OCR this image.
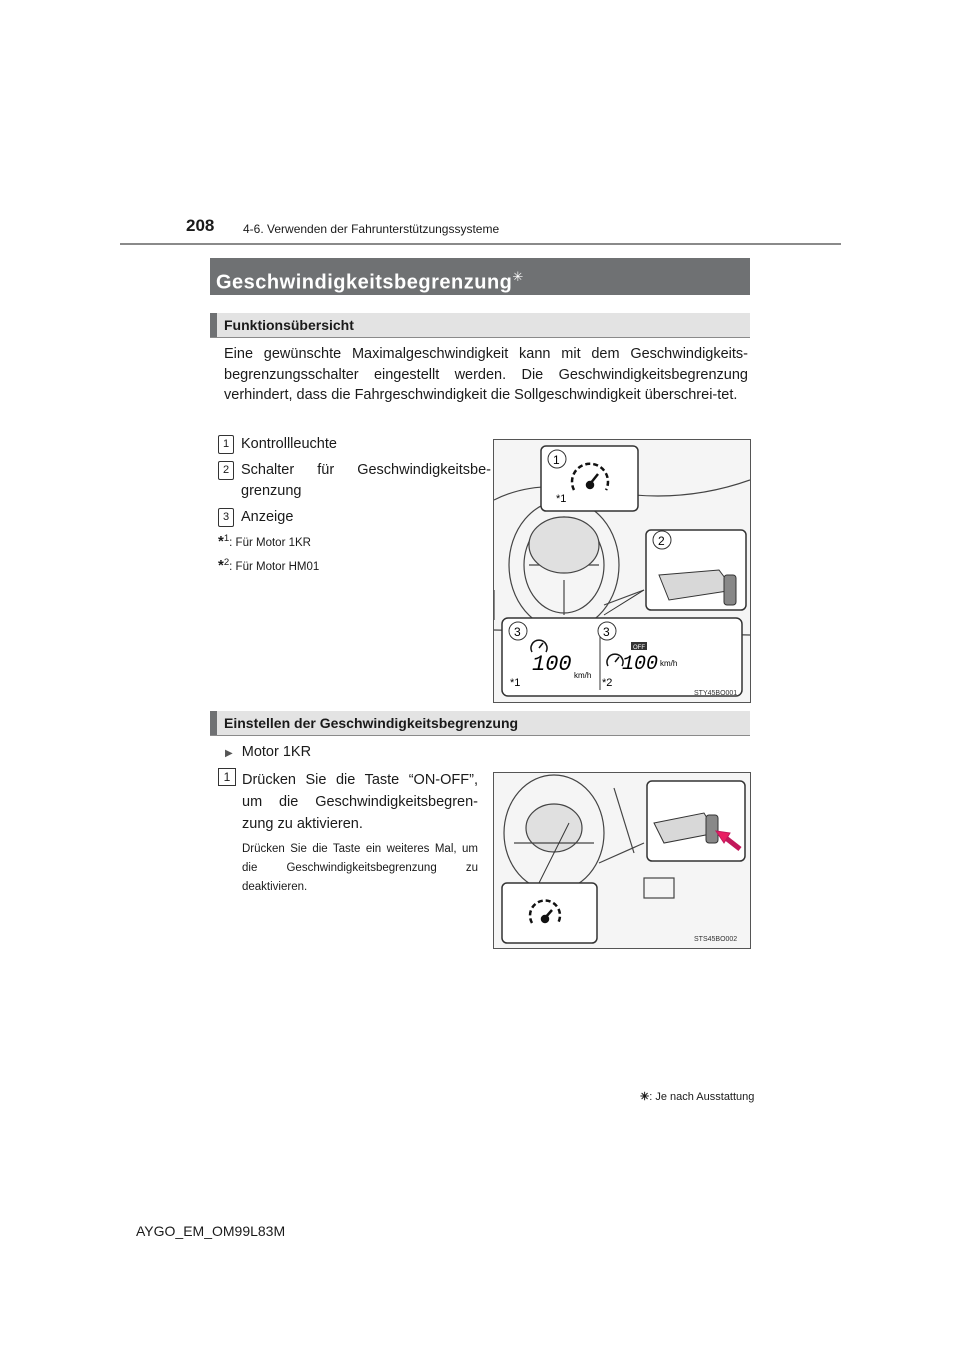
208 4-6. Verwenden der Fahrunterstützungssysteme
Geschwindigkeitsbegrenzung✳
Funktionsübersicht
Eine gewünschte Maximalgeschwindigkeit kann mit dem Geschwindigkeits-begrenzungsschalter eingestellt werden. Die Geschwindigkeitsbegrenzung verhindert, dass die Fahrgeschwindigkeit die Sollgeschwindigkeit überschrei-tet.
1 Kontrollleuchte
2 Schalter für Geschwindigkeitsbe-grenzung
3 Anzeige
*$^1$: Für Motor 1KR
*$^2$: Für Motor HM01
1
*1
2
3	3
100 km/h
*1
OFF
100 km/h
*2
STY45BO001
Einstellen der Geschwindigkeitsbegrenzung
▶ Motor 1KR
1 Drücken Sie die Taste “ON-OFF”, um die Geschwindigkeitsbegren-zung zu aktivieren.
Drücken Sie die Taste ein weiteres Mal, um die Geschwindigkeitsbegrenzung zu deaktivieren.
STS45BO002
✳: Je nach Ausstattung
AYGO_EM_OM99L83M
